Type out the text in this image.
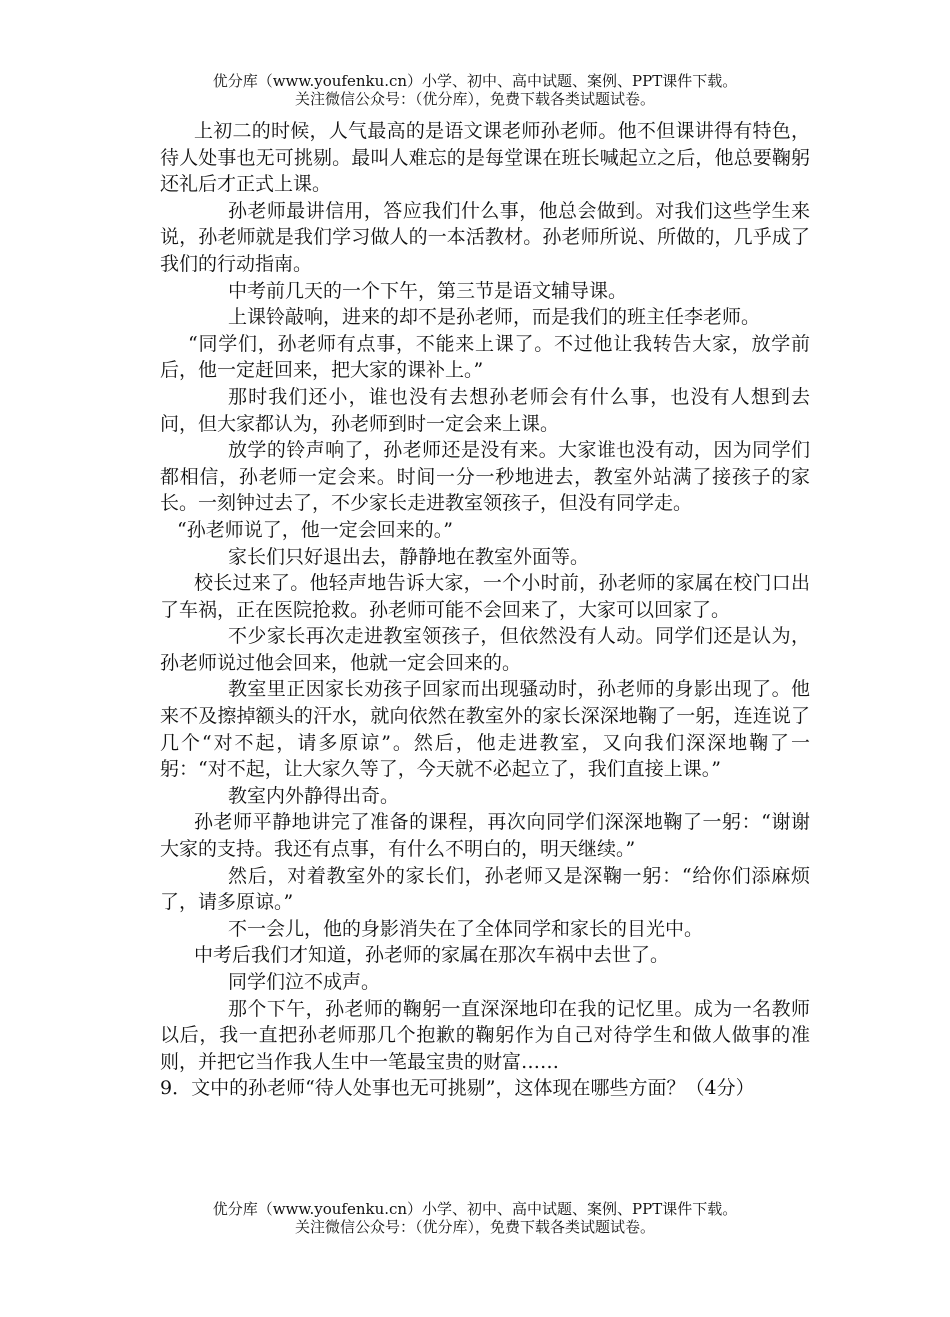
优分库（www.youfenku.cn）小学、初中、高中试题、案例、PPT课件下载。
关注微信公众号：（优分库），免费下载各类试题试卷。

上初二的时候，人气最高的是语文课老师孙老师。他不但课讲得有特色，待人处事也无可挑剔。最叫人难忘的是每堂课在班长喊起立之后，他总要鞠躬还礼后才正式上课。

孙老师最讲信用，答应我们什么事，他总会做到。对我们这些学生来说，孙老师就是我们学习做人的一本活教材。孙老师所说、所做的，几乎成了我们的行动指南。

中考前几天的一个下午，第三节是语文辅导课。

上课铃敲响，进来的却不是孙老师，而是我们的班主任李老师。

“同学们，孙老师有点事，不能来上课了。不过他让我转告大家，放学前后，他一定赶回来，把大家的课补上。”

那时我们还小，谁也没有去想孙老师会有什么事，也没有人想到去问，但大家都认为，孙老师到时一定会来上课。

放学的铃声响了，孙老师还是没有来。大家谁也没有动，因为同学们都相信，孙老师一定会来。时间一分一秒地进去，教室外站满了接孩子的家长。一刻钟过去了，不少家长走进教室领孩子，但没有同学走。

“孙老师说了，他一定会回来的。”

家长们只好退出去，静静地在教室外面等。

校长过来了。他轻声地告诉大家，一个小时前，孙老师的家属在校门口出了车祸，正在医院抢救。孙老师可能不会回来了，大家可以回家了。

不少家长再次走进教室领孩子，但依然没有人动。同学们还是认为，孙老师说过他会回来，他就一定会回来的。

教室里正因家长劝孩子回家而出现骚动时，孙老师的身影出现了。他来不及擦掉额头的汗水，就向依然在教室外的家长深深地鞠了一躬，连连说了几个“对不起，请多原谅”。然后，他走进教室，又向我们深深地鞠了一躬：“对不起，让大家久等了，今天就不必起立了，我们直接上课。”

教室内外静得出奇。

孙老师平静地讲完了准备的课程，再次向同学们深深地鞠了一躬：“谢谢大家的支持。我还有点事，有什么不明白的，明天继续。”

然后，对着教室外的家长们，孙老师又是深鞠一躬：“给你们添麻烦了，请多原谅。”

不一会儿，他的身影消失在了全体同学和家长的目光中。

中考后我们才知道，孙老师的家属在那次车祸中去世了。

同学们泣不成声。

那个下午，孙老师的鞠躬一直深深地印在我的记忆里。成为一名教师以后，我一直把孙老师那几个抱歉的鞠躬作为自己对待学生和做人做事的准则，并把它当作我人生中一笔最宝贵的财富……

9．文中的孙老师“待人处事也无可挑剔”，这体现在哪些方面？（4分）

优分库（www.youfenku.cn）小学、初中、高中试题、案例、PPT课件下载。
关注微信公众号：（优分库），免费下载各类试题试卷。
